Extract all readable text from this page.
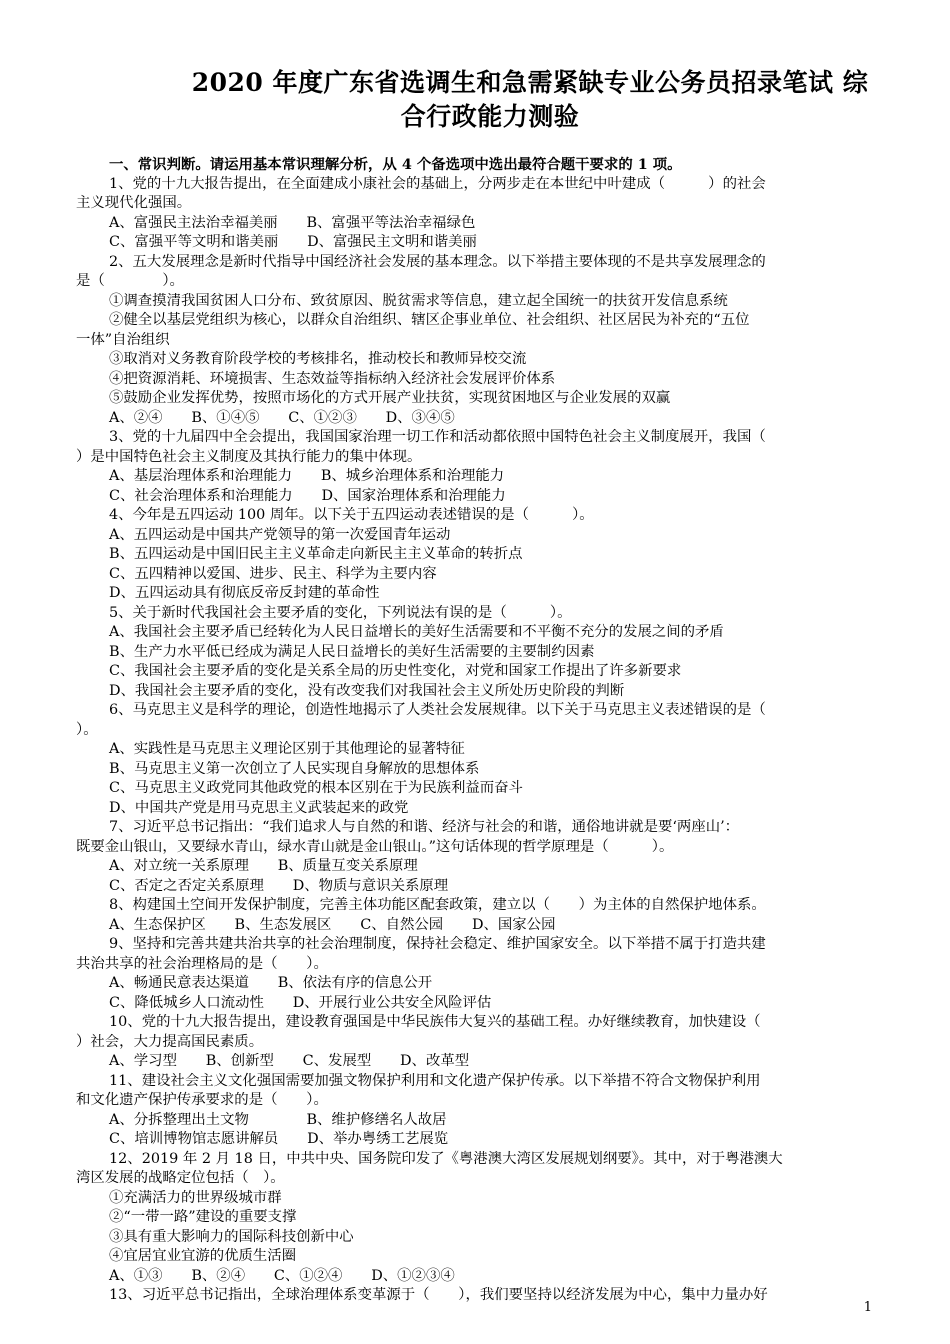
2020 年度广东省选调生和急需紧缺专业公务员招录笔试 综
合行政能力测验
一、常识判断。请运用基本常识理解分析，从 4 个备选项中选出最符合题干要求的 1 项。
1、党的十九大报告提出，在全面建成小康社会的基础上，分两步走在本世纪中叶建成（　　　）的社会
主义现代化强国。
A、富强民主法治幸福美丽　　B、富强平等法治幸福绿色
C、富强平等文明和谐美丽　　D、富强民主文明和谐美丽
2、五大发展理念是新时代指导中国经济社会发展的基本理念。以下举措主要体现的不是共享发展理念的
是（　　　　）。
①调查摸清我国贫困人口分布、致贫原因、脱贫需求等信息，建立起全国统一的扶贫开发信息系统
②健全以基层党组织为核心，以群众自治组织、辖区企事业单位、社会组织、社区居民为补充的“五位
一体”自治组织
③取消对义务教育阶段学校的考核排名，推动校长和教师异校交流
④把资源消耗、环境损害、生态效益等指标纳入经济社会发展评价体系
⑤鼓励企业发挥优势，按照市场化的方式开展产业扶贫，实现贫困地区与企业发展的双赢
A、②④　　B、①④⑤　　C、①②③　　D、③④⑤
3、党的十九届四中全会提出，我国国家治理一切工作和活动都依照中国特色社会主义制度展开，我国（
）是中国特色社会主义制度及其执行能力的集中体现。
A、基层治理体系和治理能力　　B、城乡治理体系和治理能力
C、社会治理体系和治理能力　　D、国家治理体系和治理能力
4、今年是五四运动 100 周年。以下关于五四运动表述错误的是（　　　）。
A、五四运动是中国共产党领导的第一次爱国青年运动
B、五四运动是中国旧民主主义革命走向新民主主义革命的转折点
C、五四精神以爱国、进步、民主、科学为主要内容
D、五四运动具有彻底反帝反封建的革命性
5、关于新时代我国社会主要矛盾的变化，下列说法有误的是（　　　）。
A、我国社会主要矛盾已经转化为人民日益增长的美好生活需要和不平衡不充分的发展之间的矛盾
B、生产力水平低已经成为满足人民日益增长的美好生活需要的主要制约因素
C、我国社会主要矛盾的变化是关系全局的历史性变化，对党和国家工作提出了许多新要求
D、我国社会主要矛盾的变化，没有改变我们对我国社会主义所处历史阶段的判断
6、马克思主义是科学的理论，创造性地揭示了人类社会发展规律。以下关于马克思主义表述错误的是（
）。
A、实践性是马克思主义理论区别于其他理论的显著特征
B、马克思主义第一次创立了人民实现自身解放的思想体系
C、马克思主义政党同其他政党的根本区别在于为民族利益而奋斗
D、中国共产党是用马克思主义武装起来的政党
7、习近平总书记指出：“我们追求人与自然的和谐、经济与社会的和谐，通俗地讲就是要‘两座山’：
既要金山银山，又要绿水青山，绿水青山就是金山银山。”这句话体现的哲学原理是（　　　）。
A、对立统一关系原理　　B、质量互变关系原理
C、否定之否定关系原理　　D、物质与意识关系原理
8、构建国土空间开发保护制度，完善主体功能区配套政策，建立以（　　）为主体的自然保护地体系。
A、生态保护区　　B、生态发展区　　C、自然公园　　D、国家公园
9、坚持和完善共建共治共享的社会治理制度，保持社会稳定、维护国家安全。以下举措不属于打造共建
共治共享的社会治理格局的是（　　）。
A、畅通民意表达渠道　　B、依法有序的信息公开
C、降低城乡人口流动性　　D、开展行业公共安全风险评估
10、党的十九大报告提出，建设教育强国是中华民族伟大复兴的基础工程。办好继续教育，加快建设（
）社会，大力提高国民素质。
A、学习型　　B、创新型　　C、发展型　　D、改革型
11、建设社会主义文化强国需要加强文物保护利用和文化遗产保护传承。以下举措不符合文物保护利用
和文化遗产保护传承要求的是（　　）。
A、分拆整理出土文物　　　　B、维护修缮名人故居
C、培训博物馆志愿讲解员　　D、举办粤绣工艺展览
12、2019 年 2 月 18 日，中共中央、国务院印发了《粤港澳大湾区发展规划纲要》。其中，对于粤港澳大
湾区发展的战略定位包括（　）。
①充满活力的世界级城市群
②“一带一路”建设的重要支撑
③具有重大影响力的国际科技创新中心
④宜居宜业宜游的优质生活圈
A、①③　　B、②④　　C、①②④　　D、①②③④
13、习近平总书记指出，全球治理体系变革源于（　　），我们要坚持以经济发展为中心，集中力量办好
1
